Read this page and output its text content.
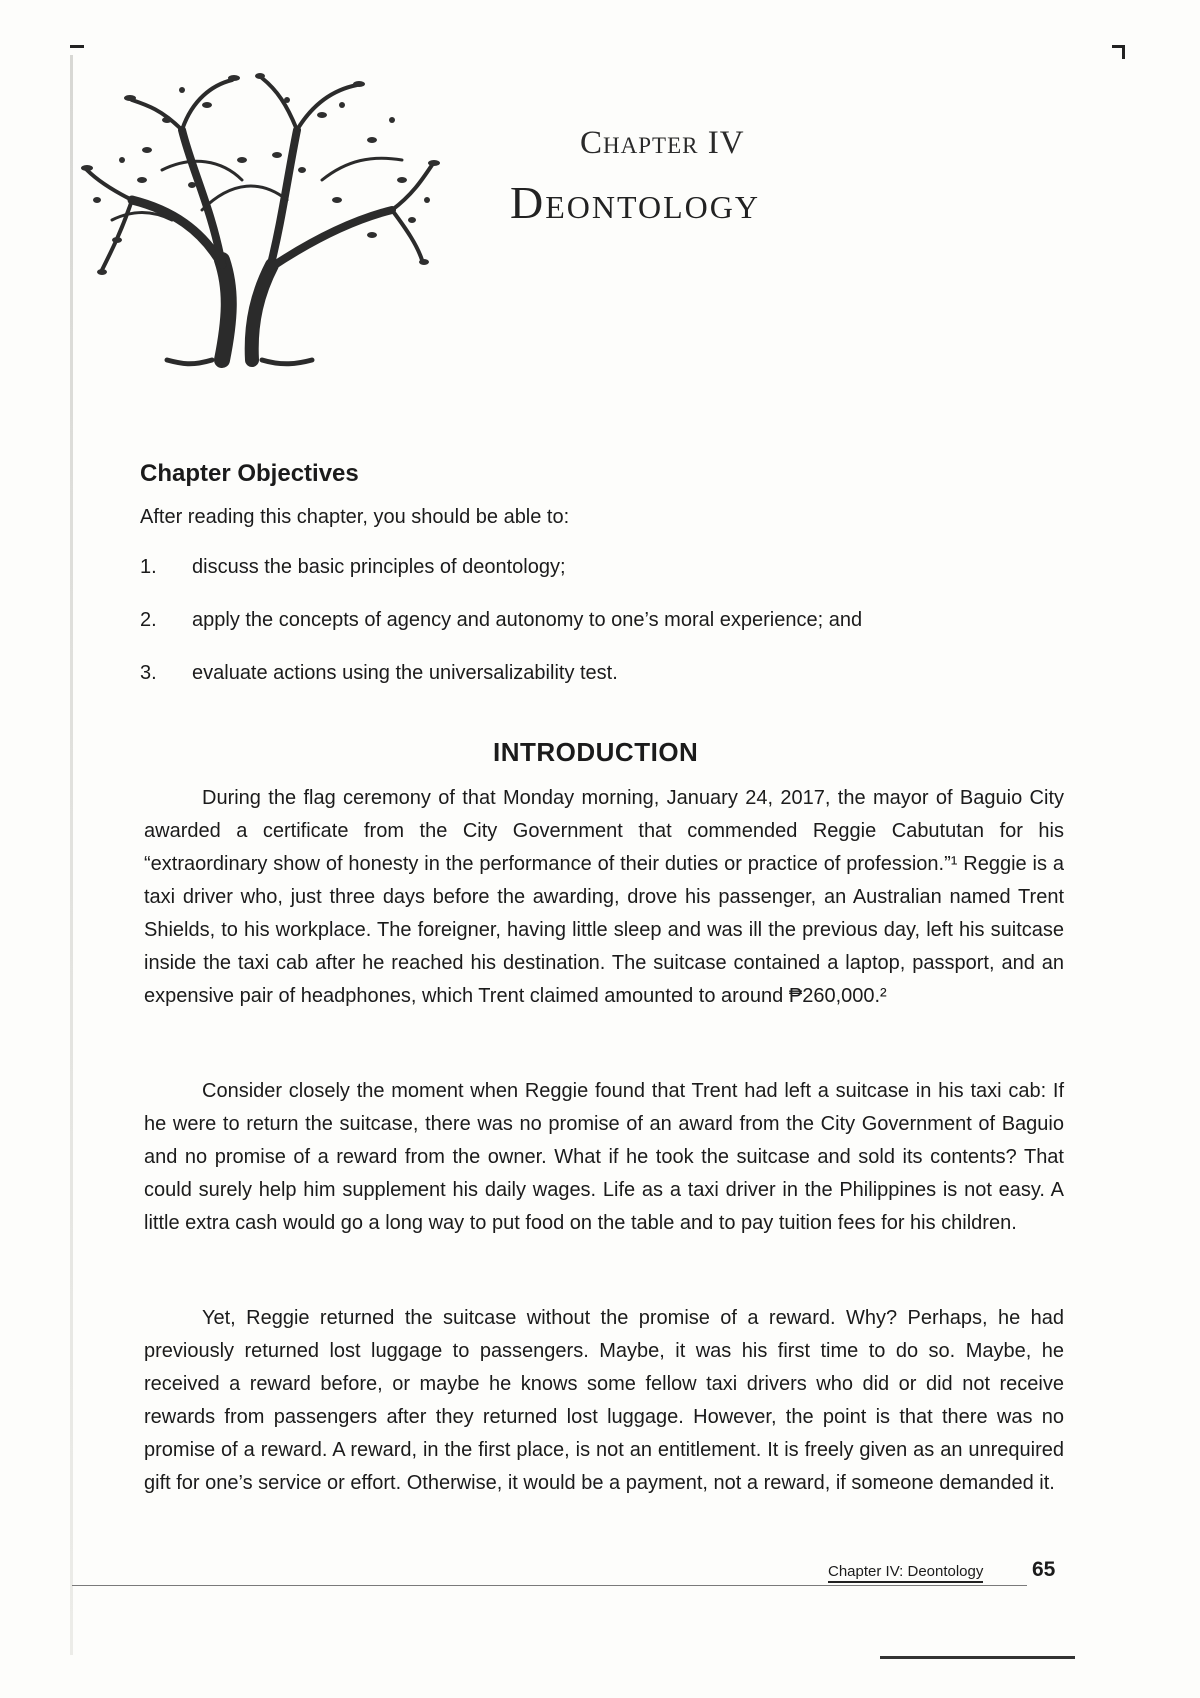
Chapter IV
Deontology
Chapter Objectives
After reading this chapter, you should be able to:
1. discuss the basic principles of deontology;
2. apply the concepts of agency and autonomy to one’s moral experience; and
3. evaluate actions using the universalizability test.
INTRODUCTION

During the flag ceremony of that Monday morning, January 24, 2017, the mayor of Baguio City awarded a certificate from the City Government that commended Reggie Cabututan for his “extraordinary show of honesty in the performance of their duties or practice of profession.”¹ Reggie is a taxi driver who, just three days before the awarding, drove his passenger, an Australian named Trent Shields, to his workplace. The foreigner, having little sleep and was ill the previous day, left his suitcase inside the taxi cab after he reached his destination. The suitcase contained a laptop, passport, and an expensive pair of headphones, which Trent claimed amounted to around ₱260,000.²

Consider closely the moment when Reggie found that Trent had left a suitcase in his taxi cab: If he were to return the suitcase, there was no promise of an award from the City Government of Baguio and no promise of a reward from the owner. What if he took the suitcase and sold its contents? That could surely help him supplement his daily wages. Life as a taxi driver in the Philippines is not easy. A little extra cash would go a long way to put food on the table and to pay tuition fees for his children.

Yet, Reggie returned the suitcase without the promise of a reward. Why? Perhaps, he had previously returned lost luggage to passengers. Maybe, it was his first time to do so. Maybe, he received a reward before, or maybe he knows some fellow taxi drivers who did or did not receive rewards from passengers after they returned lost luggage. However, the point is that there was no promise of a reward. A reward, in the first place, is not an entitlement. It is freely given as an unrequired gift for one’s service or effort. Otherwise, it would be a payment, not a reward, if someone demanded it.

Chapter IV: Deontology 65
